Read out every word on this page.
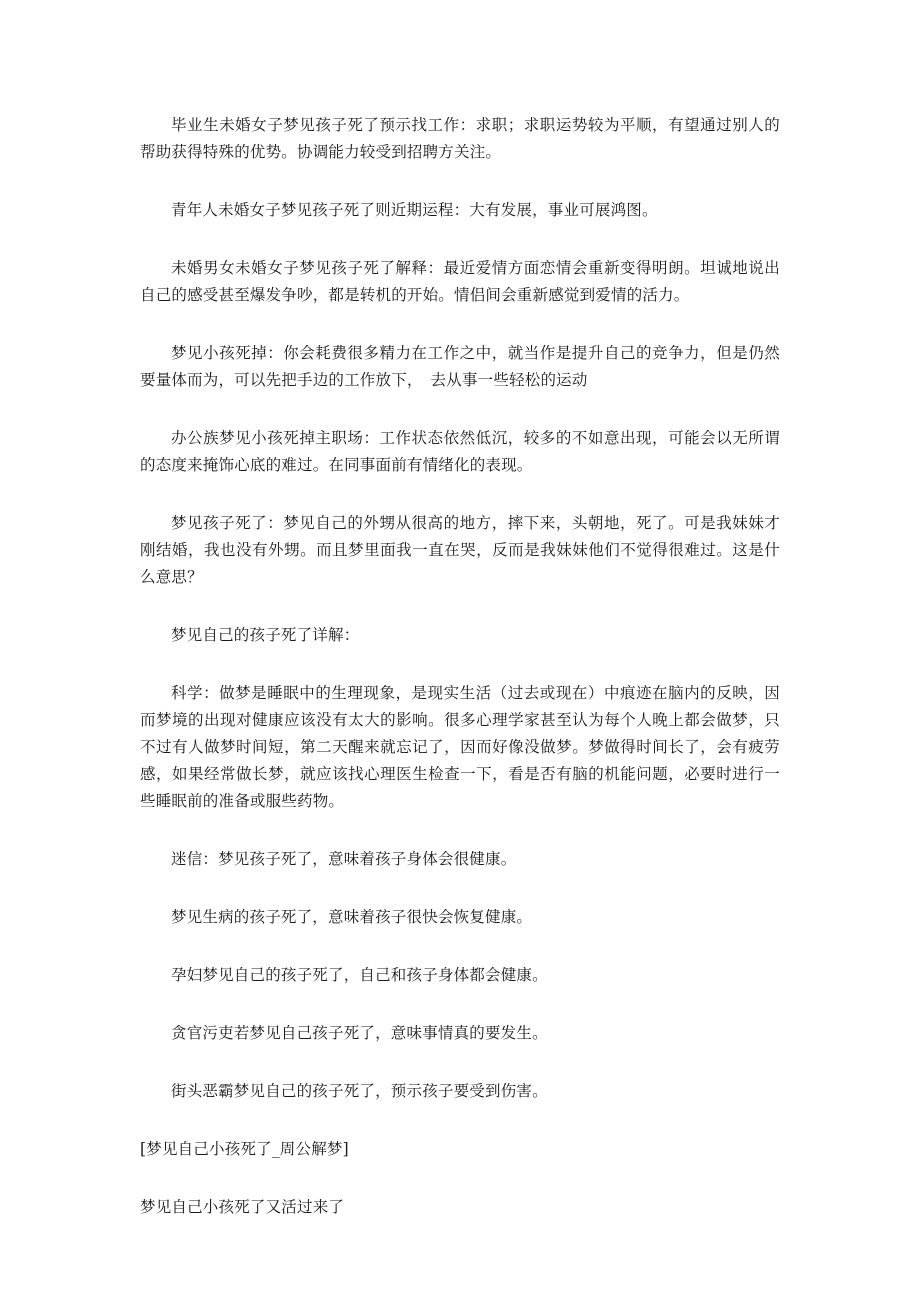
毕业生未婚女子梦见孩子死了预示找工作：求职；求职运势较为平顺，有望通过别人的帮助获得特殊的优势。协调能力较受到招聘方关注。

青年人未婚女子梦见孩子死了则近期运程：大有发展，事业可展鸿图。

未婚男女未婚女子梦见孩子死了解释：最近爱情方面恋情会重新变得明朗。坦诚地说出自己的感受甚至爆发争吵，都是转机的开始。情侣间会重新感觉到爱情的活力。

梦见小孩死掉：你会耗费很多精力在工作之中，就当作是提升自己的竞争力，但是仍然要量体而为，可以先把手边的工作放下，　去从事一些轻松的运动

办公族梦见小孩死掉主职场：工作状态依然低沉，较多的不如意出现，可能会以无所谓的态度来掩饰心底的难过。在同事面前有情绪化的表现。

梦见孩子死了：梦见自己的外甥从很高的地方，摔下来，头朝地，死了。可是我妹妹才刚结婚，我也没有外甥。而且梦里面我一直在哭，反而是我妹妹他们不觉得很难过。这是什么意思？

梦见自己的孩子死了详解：

科学：做梦是睡眠中的生理现象，是现实生活（过去或现在）中痕迹在脑内的反映，因而梦境的出现对健康应该没有太大的影响。很多心理学家甚至认为每个人晚上都会做梦，只不过有人做梦时间短，第二天醒来就忘记了，因而好像没做梦。梦做得时间长了，会有疲劳感，如果经常做长梦，就应该找心理医生检查一下，看是否有脑的机能问题，必要时进行一些睡眠前的准备或服些药物。

迷信：梦见孩子死了，意味着孩子身体会很健康。

梦见生病的孩子死了，意味着孩子很快会恢复健康。

孕妇梦见自己的孩子死了，自己和孩子身体都会健康。

贪官污吏若梦见自己孩子死了，意味事情真的要发生。

街头恶霸梦见自己的孩子死了，预示孩子要受到伤害。

[梦见自己小孩死了_周公解梦]

梦见自己小孩死了又活过来了
